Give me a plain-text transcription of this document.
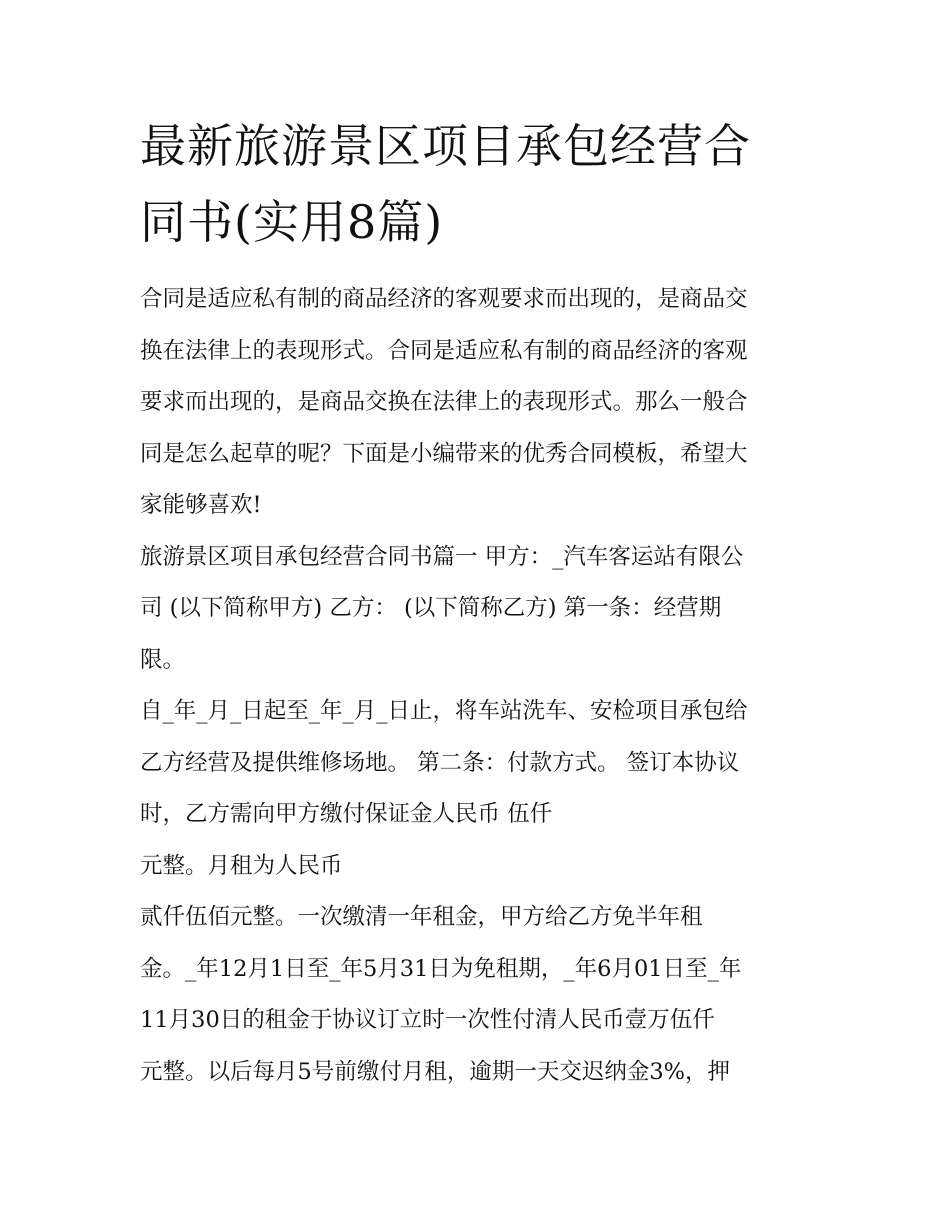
最新旅游景区项目承包经营合
同书(实用8篇)

合同是适应私有制的商品经济的客观要求而出现的，是商品交
换在法律上的表现形式。合同是适应私有制的商品经济的客观
要求而出现的，是商品交换在法律上的表现形式。那么一般合
同是怎么起草的呢？下面是小编带来的优秀合同模板，希望大
家能够喜欢!

旅游景区项目承包经营合同书篇一 甲方：_汽车客运站有限公
司 (以下简称甲方) 乙方： (以下简称乙方) 第一条：经营期
限。

自_年_月_日起至_年_月_日止，将车站洗车、安检项目承包给
乙方经营及提供维修场地。 第二条：付款方式。 签订本协议
时，乙方需向甲方缴付保证金人民币 伍仟

元整。月租为人民币

贰仟伍佰元整。一次缴清一年租金，甲方给乙方免半年租
金。_年12月1日至_年5月31日为免租期，_年6月01日至_年
11月30日的租金于协议订立时一次性付清人民币壹万伍仟
元整。以后每月5号前缴付月租，逾期一天交迟纳金3%，押
